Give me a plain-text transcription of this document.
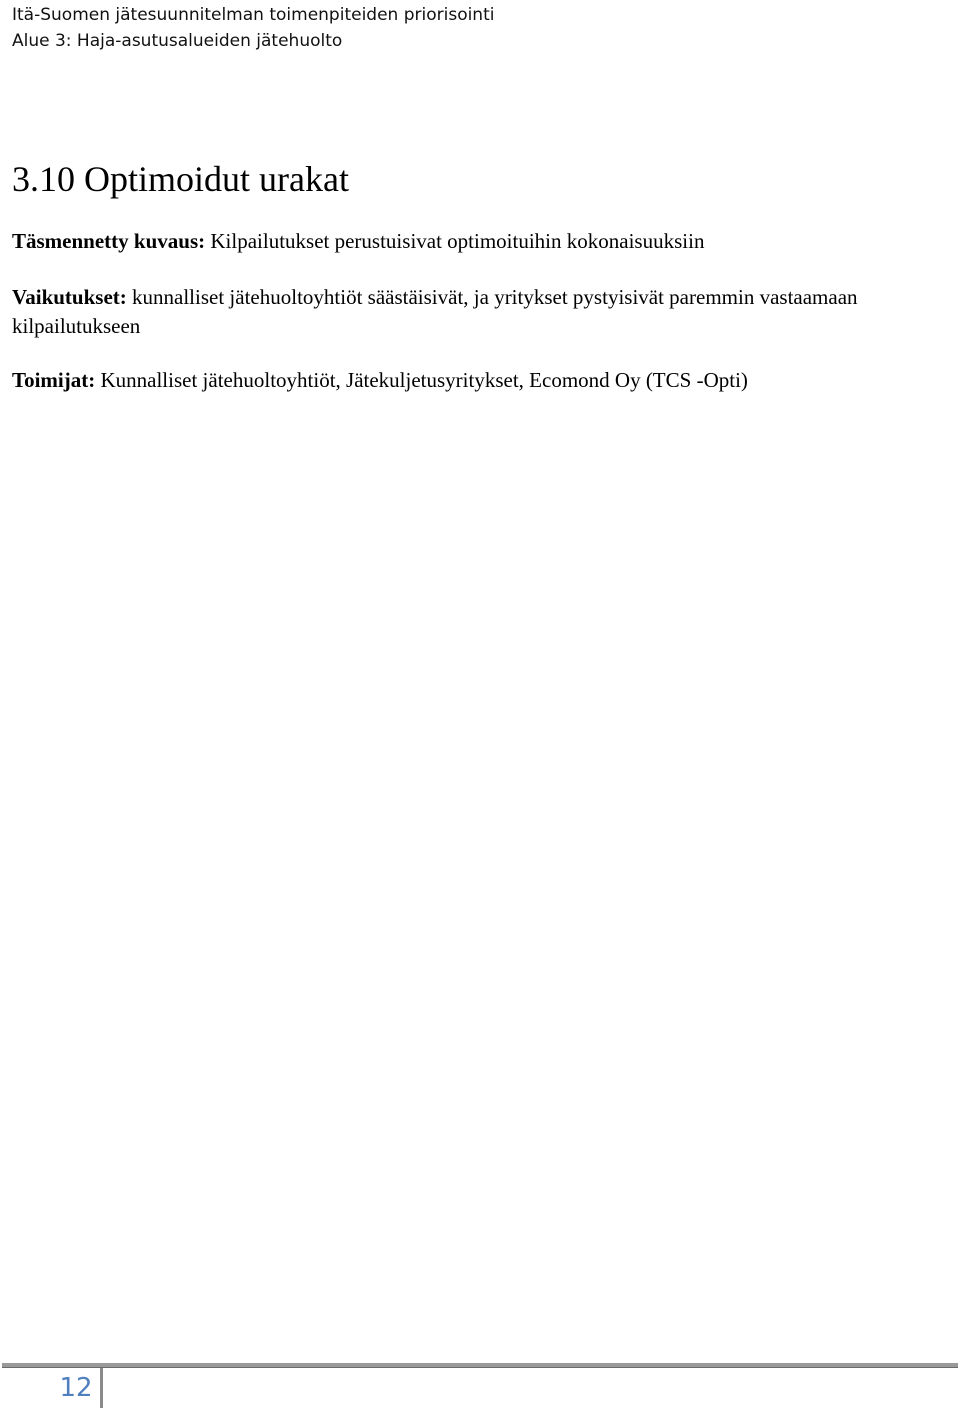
Itä-Suomen jätesuunnitelman toimenpiteiden priorisointi
Alue 3: Haja-asutusalueiden jätehuolto
3.10 Optimoidut urakat

Täsmennetty kuvaus: Kilpailutukset perustuisivat optimoituihin kokonaisuuksiin

Vaikutukset: kunnalliset jätehuoltoyhtiöt säästäisivät, ja yritykset pystyisivät paremmin vastaamaan kilpailutukseen

Toimijat: Kunnalliset jätehuoltoyhtiöt, Jätekuljetusyritykset, Ecomond Oy (TCS -Opti)

12
